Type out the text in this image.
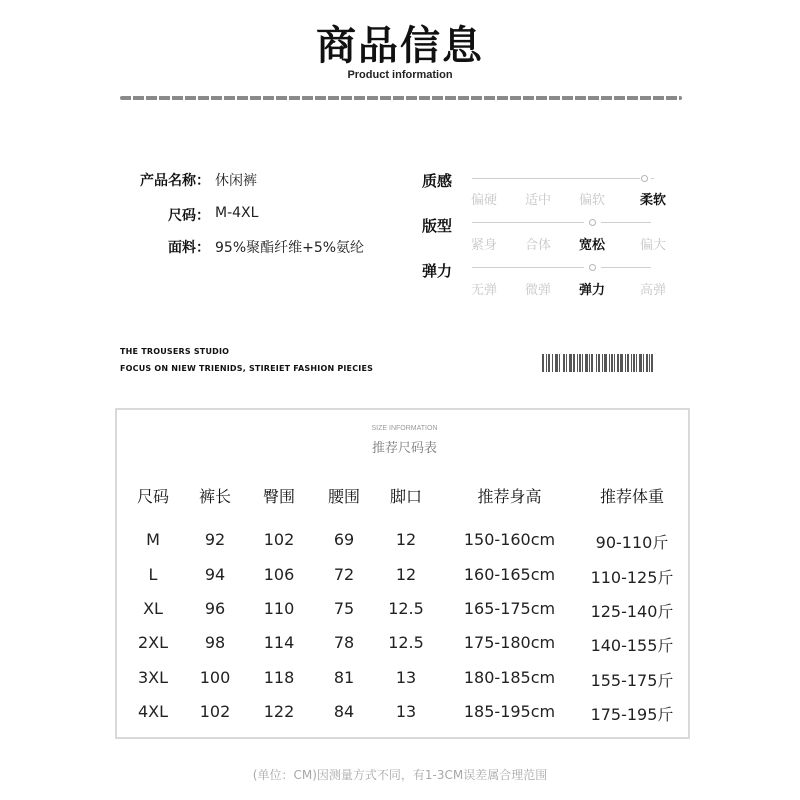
商品信息
Product information
产品名称： 休闲裤
尺码： M-4XL
面料： 95%聚酯纤维+5%氨纶
质感
偏硬 适中 偏软	柔软
版型
紧身 合体 宽松	偏大
弹力
无弹 微弹 弹力	高弹
THE TROUSERS STUDIO
FOCUS ON NIEW TRIENIDS, STIREIET FASHION PIECIES
SIZE INFORMATION
推荐尺码表
尺码	裤长	臀围	腰围	脚口	推荐身高	推荐体重
M	92	102	69	12	150-160cm	90-110斤
L	94	106	72	12	160-165cm	110-125斤
XL	96	110	75	12.5	165-175cm	125-140斤
2XL	98	114	78	12.5	175-180cm	140-155斤
3XL	100	118	81	13	180-185cm	155-175斤
4XL	102	122	84	13	185-195cm	175-195斤
(单位：CM)因测量方式不同，有1-3CM误差属合理范围
